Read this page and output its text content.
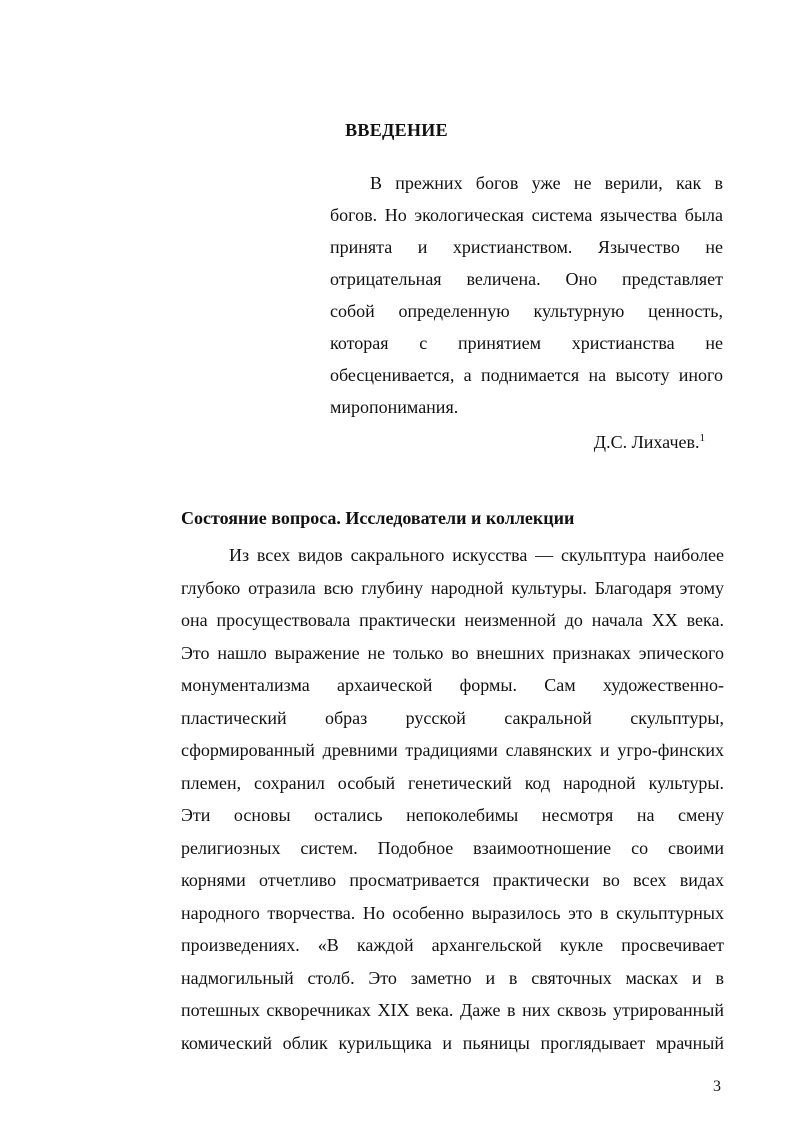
ВВЕДЕНИЕ
В прежних богов уже не верили, как в
богов. Но экологическая система язычества была
принята и христианством. Язычество не
отрицательная величена. Оно представляет
собой определенную культурную ценность,
которая с принятием христианства не
обесценивается, а поднимается на высоту иного
миропонимания.
Д.С. Лихачев.$^1$
Состояние вопроса. Исследователи и коллекции
Из всех видов сакрального искусства — скульптура наиболее
глубоко отразила всю глубину народной культуры. Благодаря этому
она просуществовала практически неизменной до начала XX века.
Это нашло выражение не только во внешних признаках эпического
монументализма архаической формы. Сам художественно-
пластический образ русской сакральной скульптуры,
сформированный древними традициями славянских и угро-финских
племен, сохранил особый генетический код народной культуры.
Эти основы остались непоколебимы несмотря на смену
религиозных систем. Подобное взаимоотношение со своими
корнями отчетливо просматривается практически во всех видах
народного творчества. Но особенно выразилось это в скульптурных
произведениях. «В каждой архангельской кукле просвечивает
надмогильный столб. Это заметно и в святочных масках и в
потешных скворечниках XIX века. Даже в них сквозь утрированный
комический облик курильщика и пьяницы проглядывает мрачный
3
